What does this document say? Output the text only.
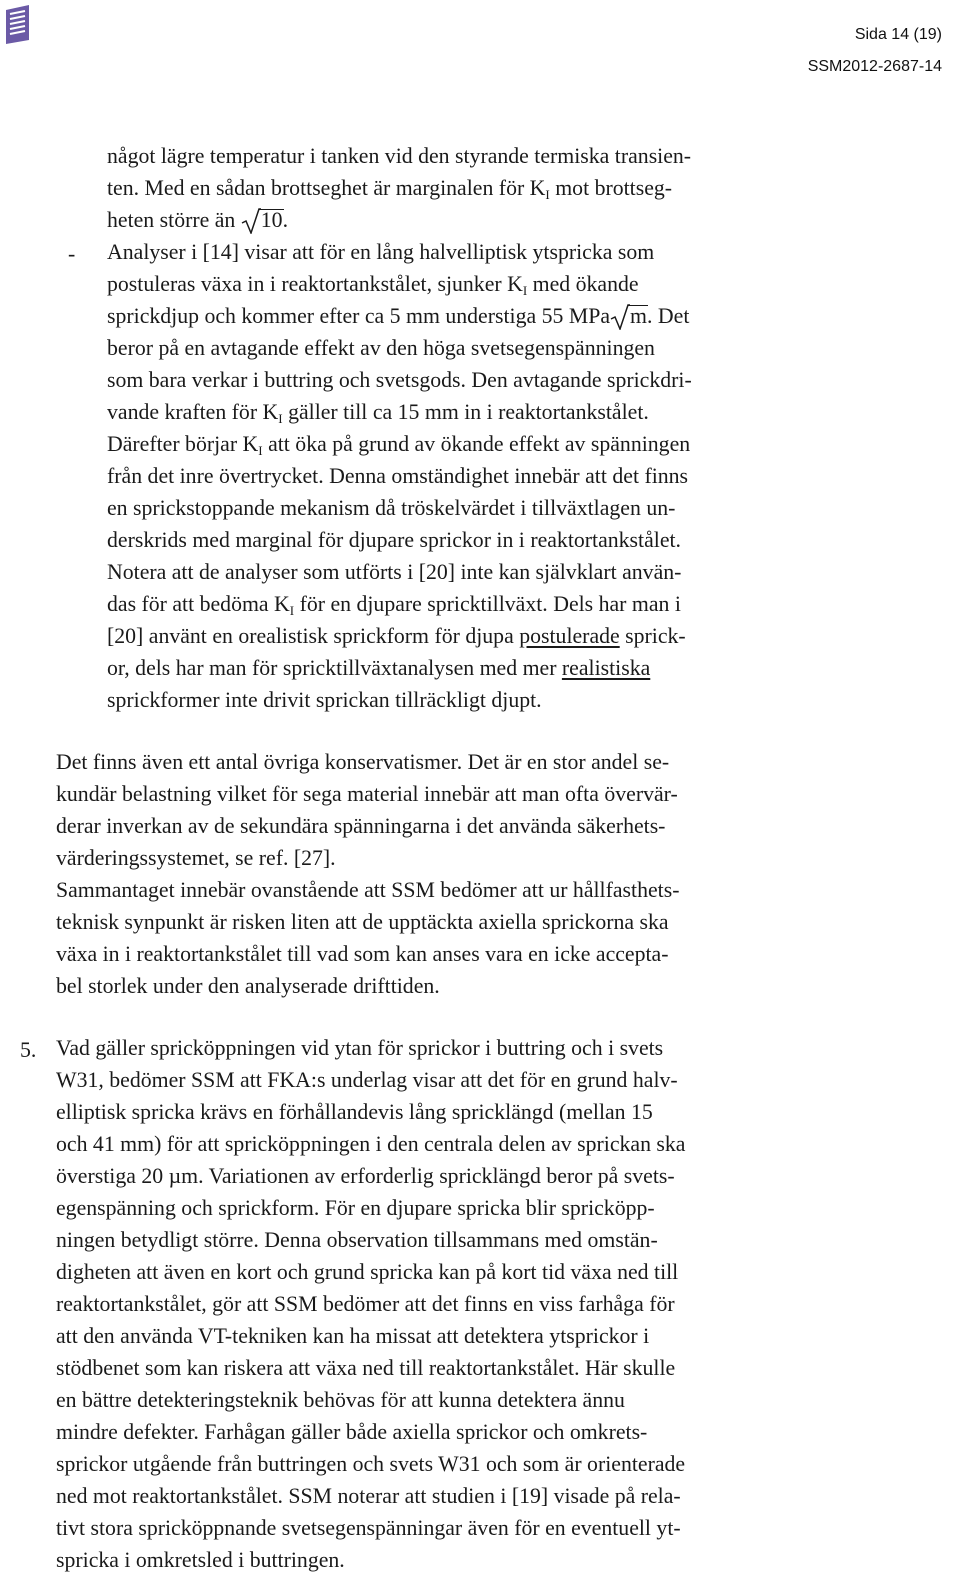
Sida 14 (19)
SSM2012-2687-14
något lägre temperatur i tanken vid den styrande termiska transien-
ten. Med en sådan brottseghet är marginalen för $K_I$ mot brottseg-
heten större än
10.
- Analyser i [14] visar att för en lång halvelliptisk ytspricka som
postuleras växa in i reaktortankstålet, sjunker $K_I$ med ökande
sprickdjup och kommer efter ca 5 mm understiga 55 MPa m. Det
beror på en avtagande effekt av den höga svetsegenspänningen
som bara verkar i buttring och svetsgods. Den avtagande sprickdri-
vande kraften för $K_I$ gäller till ca 15 mm in i reaktortankstålet.
Därefter börjar $K_I$ att öka på grund av ökande effekt av spänningen
från det inre övertrycket. Denna omständighet innebär att det finns
en sprickstoppande mekanism då tröskelvärdet i tillväxtlagen un-
derskrids med marginal för djupare sprickor in i reaktortankstålet.
Notera att de analyser som utförts i [20] inte kan självklart använ-
das för att bedöma $K_I$ för en djupare spricktillväxt. Dels har man i
[20] använt en orealistisk sprickform för djupa postulerade sprick-
or, dels har man för spricktillväxtanalysen med mer realistiska
sprickformer inte drivit sprickan tillräckligt djupt.
Det finns även ett antal övriga konservatismer. Det är en stor andel se-
kundär belastning vilket för sega material innebär att man ofta övervär-
derar inverkan av de sekundära spänningarna i det använda säkerhets-
värderingssystemet, se ref. [27].
Sammantaget innebär ovanstående att SSM bedömer att ur hållfasthets-
teknisk synpunkt är risken liten att de upptäckta axiella sprickorna ska
växa in i reaktortankstålet till vad som kan anses vara en icke accepta-
bel storlek under den analyserade drifttiden.
5. Vad gäller spricköppningen vid ytan för sprickor i buttring och i svets
W31, bedömer SSM att FKA:s underlag visar att det för en grund halv-
elliptisk spricka krävs en förhållandevis lång spricklängd (mellan 15
och 41 mm) för att spricköppningen i den centrala delen av sprickan ska
överstiga 20 µm. Variationen av erforderlig spricklängd beror på svets-
egenspänning och sprickform. För en djupare spricka blir spricköpp-
ningen betydligt större. Denna observation tillsammans med omstän-
digheten att även en kort och grund spricka kan på kort tid växa ned till
reaktortankstålet, gör att SSM bedömer att det finns en viss farhåga för
att den använda VT-tekniken kan ha missat att detektera ytsprickor i
stödbenet som kan riskera att växa ned till reaktortankstålet. Här skulle
en bättre detekteringsteknik behövas för att kunna detektera ännu
mindre defekter. Farhågan gäller både axiella sprickor och omkrets-
sprickor utgående från buttringen och svets W31 och som är orienterade
ned mot reaktortankstålet. SSM noterar att studien i [19] visade på rela-
tivt stora spricköppnande svetsegenspänningar även för en eventuell yt-
spricka i omkretsled i buttringen.
